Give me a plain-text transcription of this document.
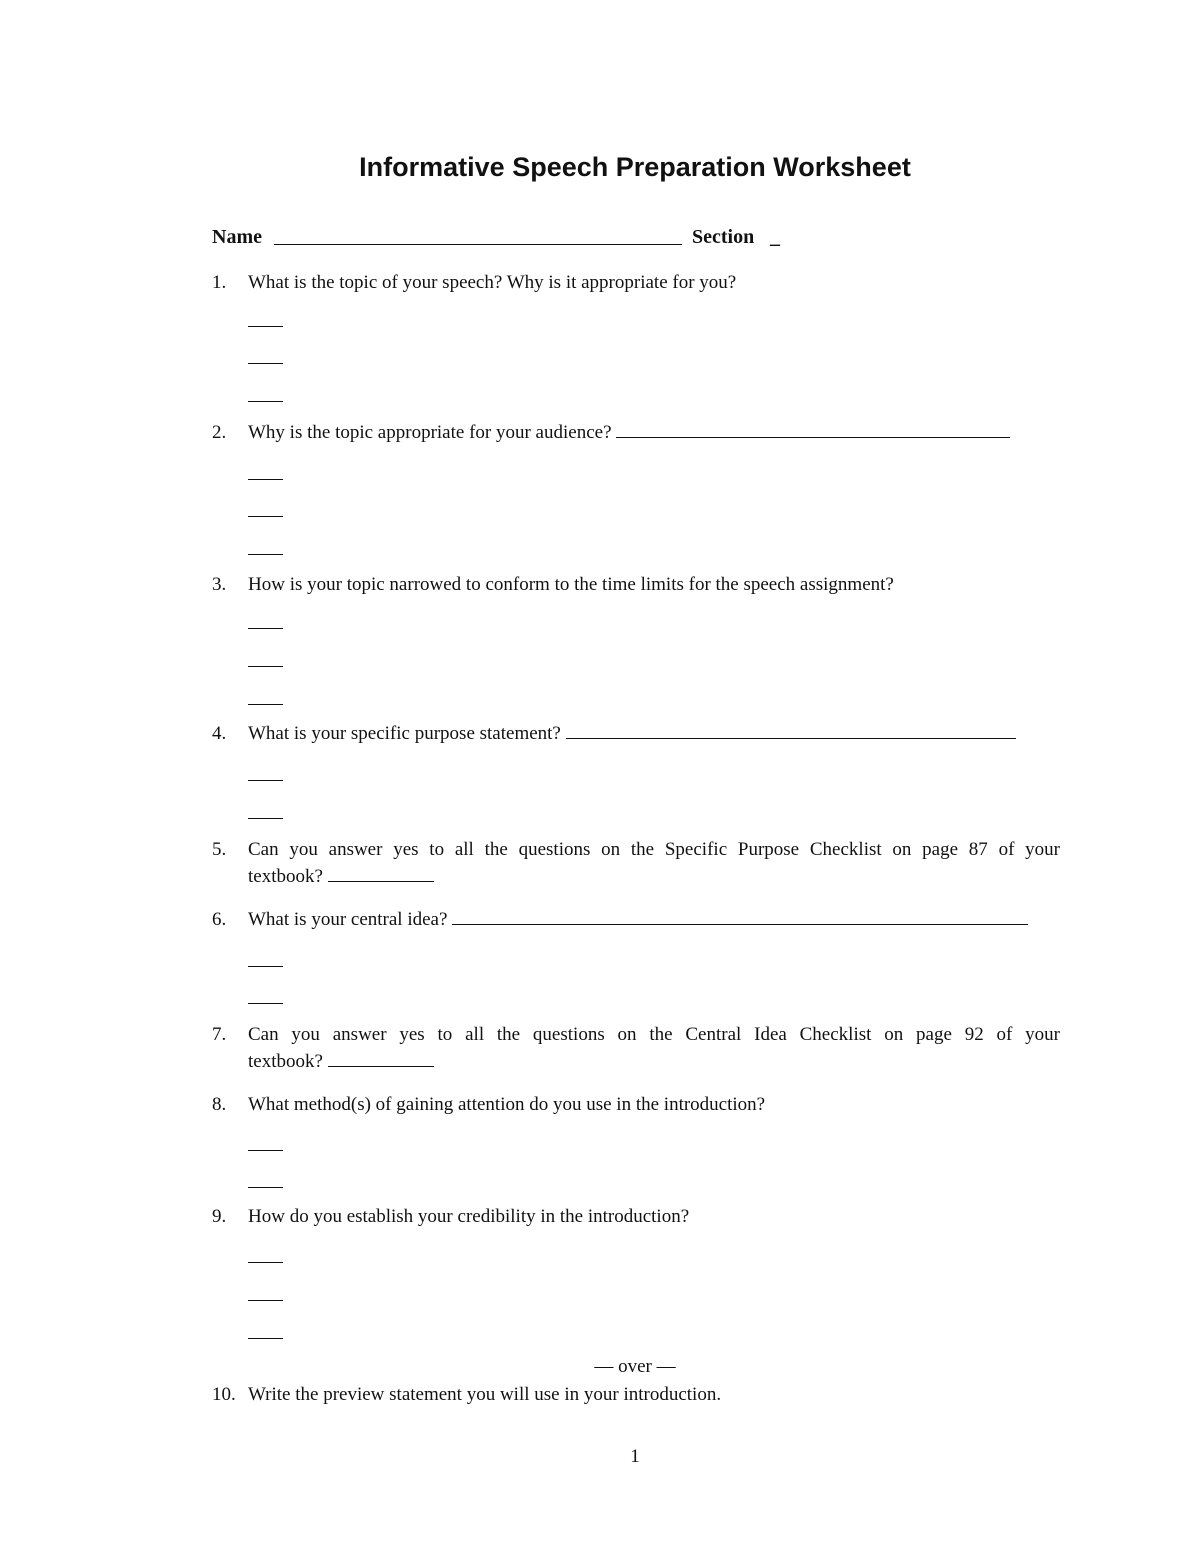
Informative Speech Preparation Worksheet
Name	Section _
1.	What is the topic of your speech? Why is it appropriate for you?
2.	Why is the topic appropriate for your audience?
3.	How is your topic narrowed to conform to the time limits for the speech assignment?
4.	What is your specific purpose statement?
5.	Can you answer yes to all the questions on the Specific Purpose Checklist on page 87 of your
textbook?
6.	What is your central idea?
7.	Can you answer yes to all the questions on the Central Idea Checklist on page 92 of your
textbook?
8.	What method(s) of gaining attention do you use in the introduction?
9.	How do you establish your credibility in the introduction?
— over —
10. Write the preview statement you will use in your introduction.
1
